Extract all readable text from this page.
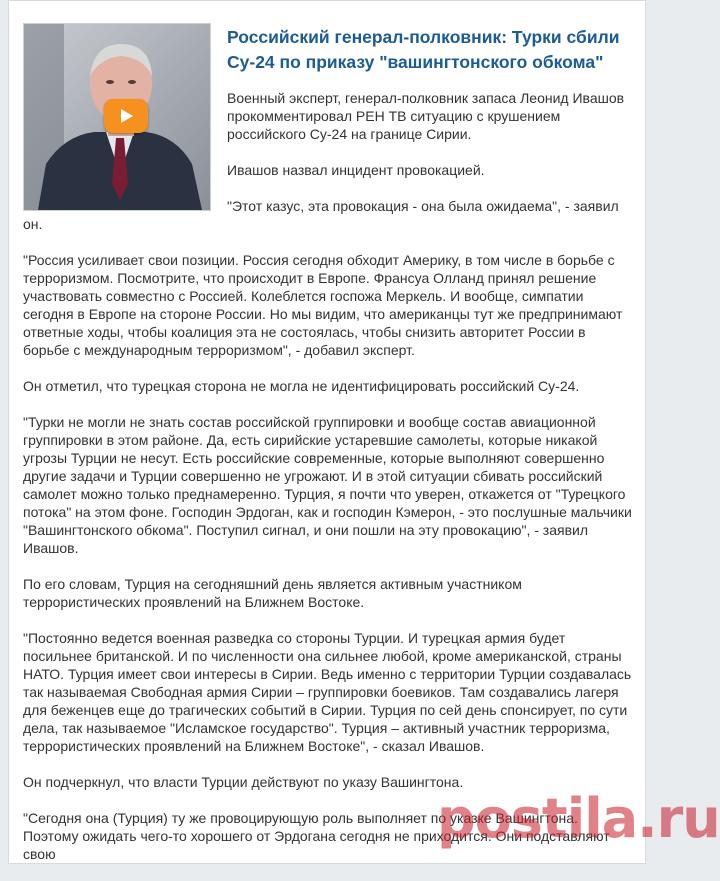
Российский генерал-полковник: Турки сбили Су-24 по приказу "вашингтонского обкома"

Военный эксперт, генерал-полковник запаса Леонид Ивашов прокомментировал РЕН ТВ ситуацию с крушением российского Су-24 на границе Сирии.

Ивашов назвал инцидент провокацией.

"Этот казус, эта провокация - она была ожидаема", - заявил он.

"Россия усиливает свои позиции. Россия сегодня обходит Америку, в том числе в борьбе с терроризмом. Посмотрите, что происходит в Европе. Франсуа Олланд принял решение участвовать совместно с Россией. Колеблется госпожа Меркель. И вообще, симпатии сегодня в Европе на стороне России. Но мы видим, что американцы тут же предпринимают ответные ходы, чтобы коалиция эта не состоялась, чтобы снизить авторитет России в борьбе с международным терроризмом", - добавил эксперт.

Он отметил, что турецкая сторона не могла не идентифицировать российский Су-24.

"Турки не могли не знать состав российской группировки и вообще состав авиационной группировки в этом районе. Да, есть сирийские устаревшие самолеты, которые никакой угрозы Турции не несут. Есть российские современные, которые выполняют совершенно другие задачи и Турции совершенно не угрожают. И в этой ситуации сбивать российский самолет можно только преднамеренно. Турция, я почти что уверен, откажется от "Турецкого потока" на этом фоне. Господин Эрдоган, как и господин Кэмерон, - это послушные мальчики "Вашингтонского обкома". Поступил сигнал, и они пошли на эту провокацию", - заявил Ивашов.

По его словам, Турция на сегодняшний день является активным участником террористических проявлений на Ближнем Востоке.

"Постоянно ведется военная разведка со стороны Турции. И турецкая армия будет посильнее британской. И по численности она сильнее любой, кроме американской, страны НАТО. Турция имеет свои интересы в Сирии. Ведь именно с территории Турции создавалась так называемая Свободная армия Сирии – группировки боевиков. Там создавались лагеря для беженцев еще до трагических событий в Сирии. Турция по сей день спонсирует, по сути дела, так называемое "Исламское государство". Турция – активный участник терроризма, террористических проявлений на Ближнем Востоке", - сказал Ивашов.

Он подчеркнул, что власти Турции действуют по указу Вашингтона.

"Сегодня она (Турция) ту же провоцирующую роль выполняет по указке Вашингтона. Поэтому ожидать чего-то хорошего от Эрдогана сегодня не приходится. Они подставляют свою

postila.ru
